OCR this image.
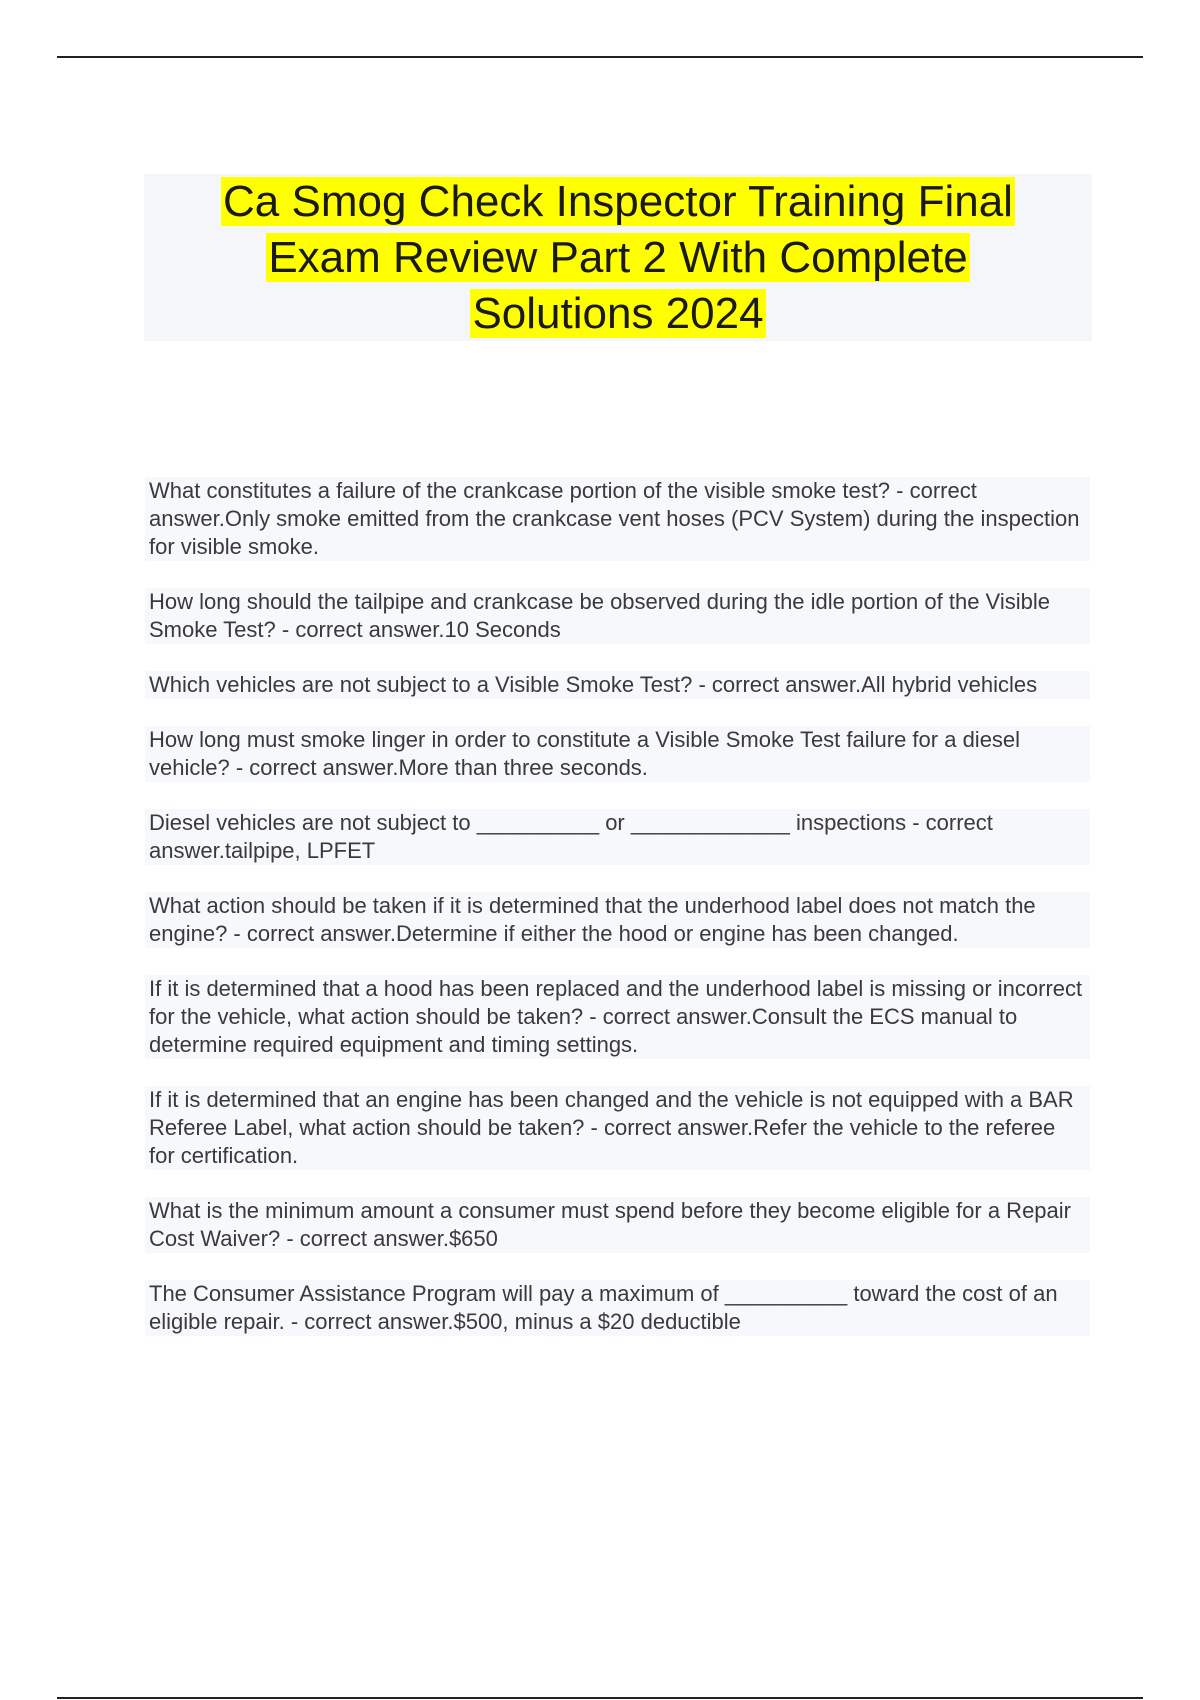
Ca Smog Check Inspector Training Final
Exam Review Part 2 With Complete
Solutions 2024
What constitutes a failure of the crankcase portion of the visible smoke test? - correct answer.Only smoke emitted from the crankcase vent hoses (PCV System) during the inspection for visible smoke.
How long should the tailpipe and crankcase be observed during the idle portion of the Visible Smoke Test? - correct answer.10 Seconds
Which vehicles are not subject to a Visible Smoke Test? - correct answer.All hybrid vehicles
How long must smoke linger in order to constitute a Visible Smoke Test failure for a diesel vehicle? - correct answer.More than three seconds.
Diesel vehicles are not subject to __________ or _____________ inspections - correct answer.tailpipe, LPFET
What action should be taken if it is determined that the underhood label does not match the engine? - correct answer.Determine if either the hood or engine has been changed.
If it is determined that a hood has been replaced and the underhood label is missing or incorrect for the vehicle, what action should be taken? - correct answer.Consult the ECS manual to determine required equipment and timing settings.
If it is determined that an engine has been changed and the vehicle is not equipped with a BAR Referee Label, what action should be taken? - correct answer.Refer the vehicle to the referee for certification.
What is the minimum amount a consumer must spend before they become eligible for a Repair Cost Waiver? - correct answer.$650
The Consumer Assistance Program will pay a maximum of __________ toward the cost of an eligible repair. - correct answer.$500, minus a $20 deductible
